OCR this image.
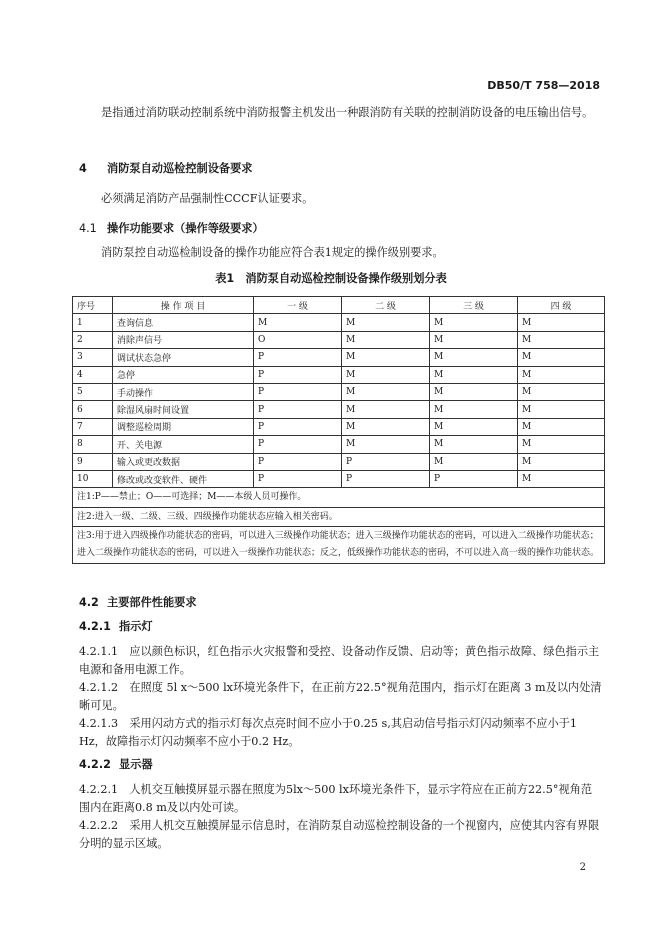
DB50/T 758—2018
是指通过消防联动控制系统中消防报警主机发出一种跟消防有关联的控制消防设备的电压输出信号。
4 消防泵自动巡检控制设备要求
必须满足消防产品强制性CCCF认证要求。
4.1 操作功能要求（操作等级要求）
消防泵控自动巡检制设备的操作功能应符合表1规定的操作级别要求。
表1　消防泵自动巡检控制设备操作级别划分表
序号	操 作 项 目	一 级	二 级	三 级	四 级
1	查询信息	M	M	M	M
2	消除声信号	O	M	M	M
3	调试状态急停	P	M	M	M
4	急停	P	M	M	M
5	手动操作	P	M	M	M
6	除湿风扇时间设置	P	M	M	M
7	调整巡检周期	P	M	M	M
8	开、关电源	P	M	M	M
9	输入或更改数据	P	P	M	M
10	修改或改变软件、硬件	P	P	P	M
注1:P——禁止；O——可选择；M——本级人员可操作。					
注2:进入一级、二级、三级、四级操作功能状态应输入相关密码。					
注3:用于进入四级操作功能状态的密码，可以进入三级操作功能状态；进入三级操作功能状态的密码，可以进入二级操作功能状态；进入二级操作功能状态的密码，可以进入一级操作功能状态；反之，低级操作功能状态的密码，不可以进入高一级的操作功能状态。					
4.2 主要部件性能要求
4.2.1 指示灯
4.2.1.1　应以颜色标识，红色指示火灾报警和受控、设备动作反馈、启动等；黄色指示故障、绿色指示主电源和备用电源工作。
4.2.1.2　在照度 5l x～500 lx环境光条件下，在正前方22.5°视角范围内，指示灯在距离 3 m及以内处清晰可见。
4.2.1.3　采用闪动方式的指示灯每次点亮时间不应小于0.25 s,其启动信号指示灯闪动频率不应小于1 Hz，故障指示灯闪动频率不应小于0.2 Hz。
4.2.2 显示器
4.2.2.1　人机交互触摸屏显示器在照度为5lx～500 lx环境光条件下，显示字符应在正前方22.5°视角范围内在距离0.8 m及以内处可读。
4.2.2.2　采用人机交互触摸屏显示信息时，在消防泵自动巡检控制设备的一个视窗内，应使其内容有界限分明的显示区域。
2
